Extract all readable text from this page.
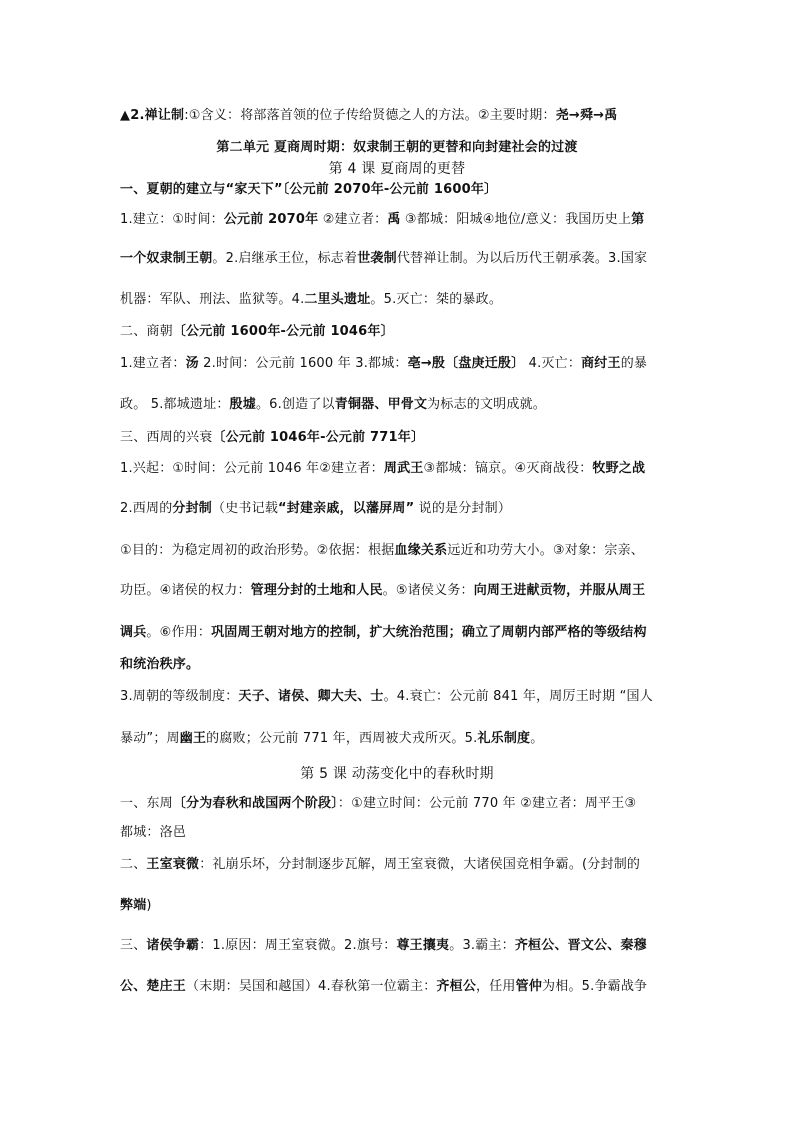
▲2.禅让制:①含义：将部落首领的位子传给贤德之人的方法。②主要时期：尧→舜→禹
第二单元 夏商周时期：奴隶制王朝的更替和向封建社会的过渡
第 4 课 夏商周的更替
一、夏朝的建立与“家天下”〔公元前 2070年-公元前 1600年〕
1.建立：①时间：公元前 2070年 ②建立者：禹 ③都城：阳城④地位/意义：我国历史上第
一个奴隶制王朝。2.启继承王位，标志着世袭制代替禅让制。为以后历代王朝承袭。3.国家
机器：军队、刑法、监狱等。4.二里头遗址。5.灭亡：桀的暴政。
二、商朝〔公元前 1600年-公元前 1046年〕
1.建立者：汤 2.时间：公元前 1600 年 3.都城：亳→殷〔盘庚迁殷〕 4.灭亡：商纣王的暴
政。 5.都城遗址：殷墟。6.创造了以青铜器、甲骨文为标志的文明成就。
三、西周的兴衰〔公元前 1046年-公元前 771年〕
1.兴起：①时间：公元前 1046 年②建立者：周武王③都城：镐京。④灭商战役：牧野之战
2.西周的分封制（史书记载“封建亲戚，以藩屏周” 说的是分封制）
①目的：为稳定周初的政治形势。②依据：根据血缘关系远近和功劳大小。③对象：宗亲、
功臣。④诸侯的权力：管理分封的土地和人民。⑤诸侯义务：向周王进献贡物，并服从周王
调兵。⑥作用：巩固周王朝对地方的控制，扩大统治范围；确立了周朝内部严格的等级结构
和统治秩序。
3.周朝的等级制度：天子、诸侯、卿大夫、士。4.衰亡：公元前 841 年，周厉王时期 “国人
暴动”；周幽王的腐败；公元前 771 年，西周被犬戎所灭。5.礼乐制度。
第 5 课 动荡变化中的春秋时期
一、东周〔分为春秋和战国两个阶段〕：①建立时间：公元前 770 年 ②建立者：周平王③
都城：洛邑
二、王室衰微：礼崩乐坏，分封制逐步瓦解，周王室衰微，大诸侯国竞相争霸。(分封制的
弊端)
三、诸侯争霸：1.原因：周王室衰微。2.旗号：尊王攘夷。3.霸主：齐桓公、晋文公、秦穆
公、楚庄王（末期：吴国和越国）4.春秋第一位霸主：齐桓公，任用管仲为相。5.争霸战争
